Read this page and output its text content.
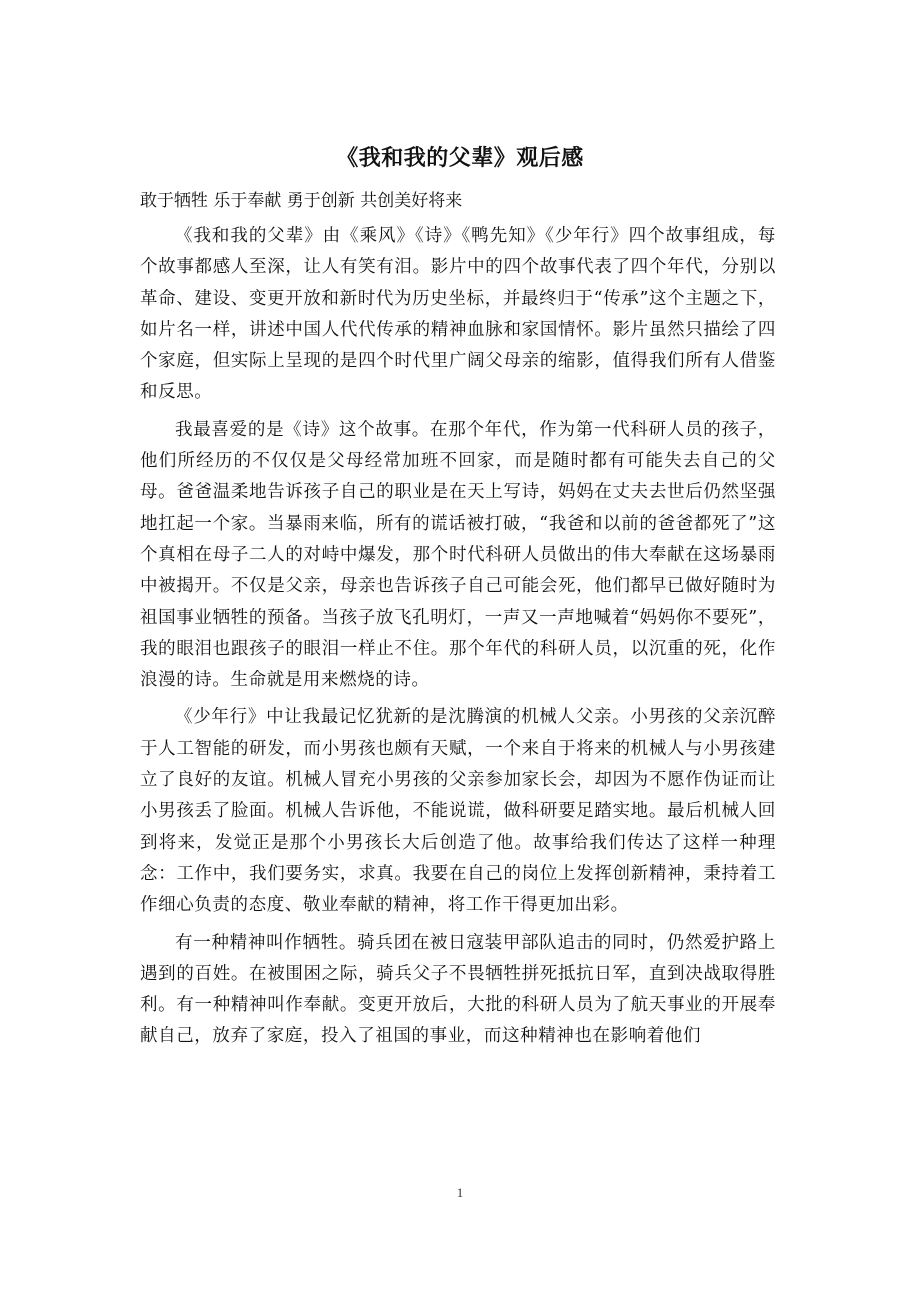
《我和我的父辈》观后感

敢于牺牲 乐于奉献 勇于创新 共创美好将来

《我和我的父辈》由《乘风》《诗》《鸭先知》《少年行》四个故事组成，每个故事都感人至深，让人有笑有泪。影片中的四个故事代表了四个年代，分别以革命、建设、变更开放和新时代为历史坐标，并最终归于“传承”这个主题之下，如片名一样，讲述中国人代代传承的精神血脉和家国情怀。影片虽然只描绘了四个家庭，但实际上呈现的是四个时代里广阔父母亲的缩影，值得我们所有人借鉴和反思。

我最喜爱的是《诗》这个故事。在那个年代，作为第一代科研人员的孩子，他们所经历的不仅仅是父母经常加班不回家，而是随时都有可能失去自己的父母。爸爸温柔地告诉孩子自己的职业是在天上写诗，妈妈在丈夫去世后仍然坚强地扛起一个家。当暴雨来临，所有的谎话被打破，“我爸和以前的爸爸都死了”这个真相在母子二人的对峙中爆发，那个时代科研人员做出的伟大奉献在这场暴雨中被揭开。不仅是父亲，母亲也告诉孩子自己可能会死，他们都早已做好随时为祖国事业牺牲的预备。当孩子放飞孔明灯，一声又一声地喊着“妈妈你不要死”，我的眼泪也跟孩子的眼泪一样止不住。那个年代的科研人员，以沉重的死，化作浪漫的诗。生命就是用来燃烧的诗。

《少年行》中让我最记忆犹新的是沈腾演的机械人父亲。小男孩的父亲沉醉于人工智能的研发，而小男孩也颇有天赋，一个来自于将来的机械人与小男孩建立了良好的友谊。机械人冒充小男孩的父亲参加家长会，却因为不愿作伪证而让小男孩丢了脸面。机械人告诉他，不能说谎，做科研要足踏实地。最后机械人回到将来，发觉正是那个小男孩长大后创造了他。故事给我们传达了这样一种理念：工作中，我们要务实，求真。我要在自己的岗位上发挥创新精神，秉持着工作细心负责的态度、敬业奉献的精神，将工作干得更加出彩。

有一种精神叫作牺牲。骑兵团在被日寇装甲部队追击的同时，仍然爱护路上遇到的百姓。在被围困之际，骑兵父子不畏牺牲拼死抵抗日军，直到决战取得胜利。有一种精神叫作奉献。变更开放后，大批的科研人员为了航天事业的开展奉献自己，放弃了家庭，投入了祖国的事业，而这种精神也在影响着他们

1
